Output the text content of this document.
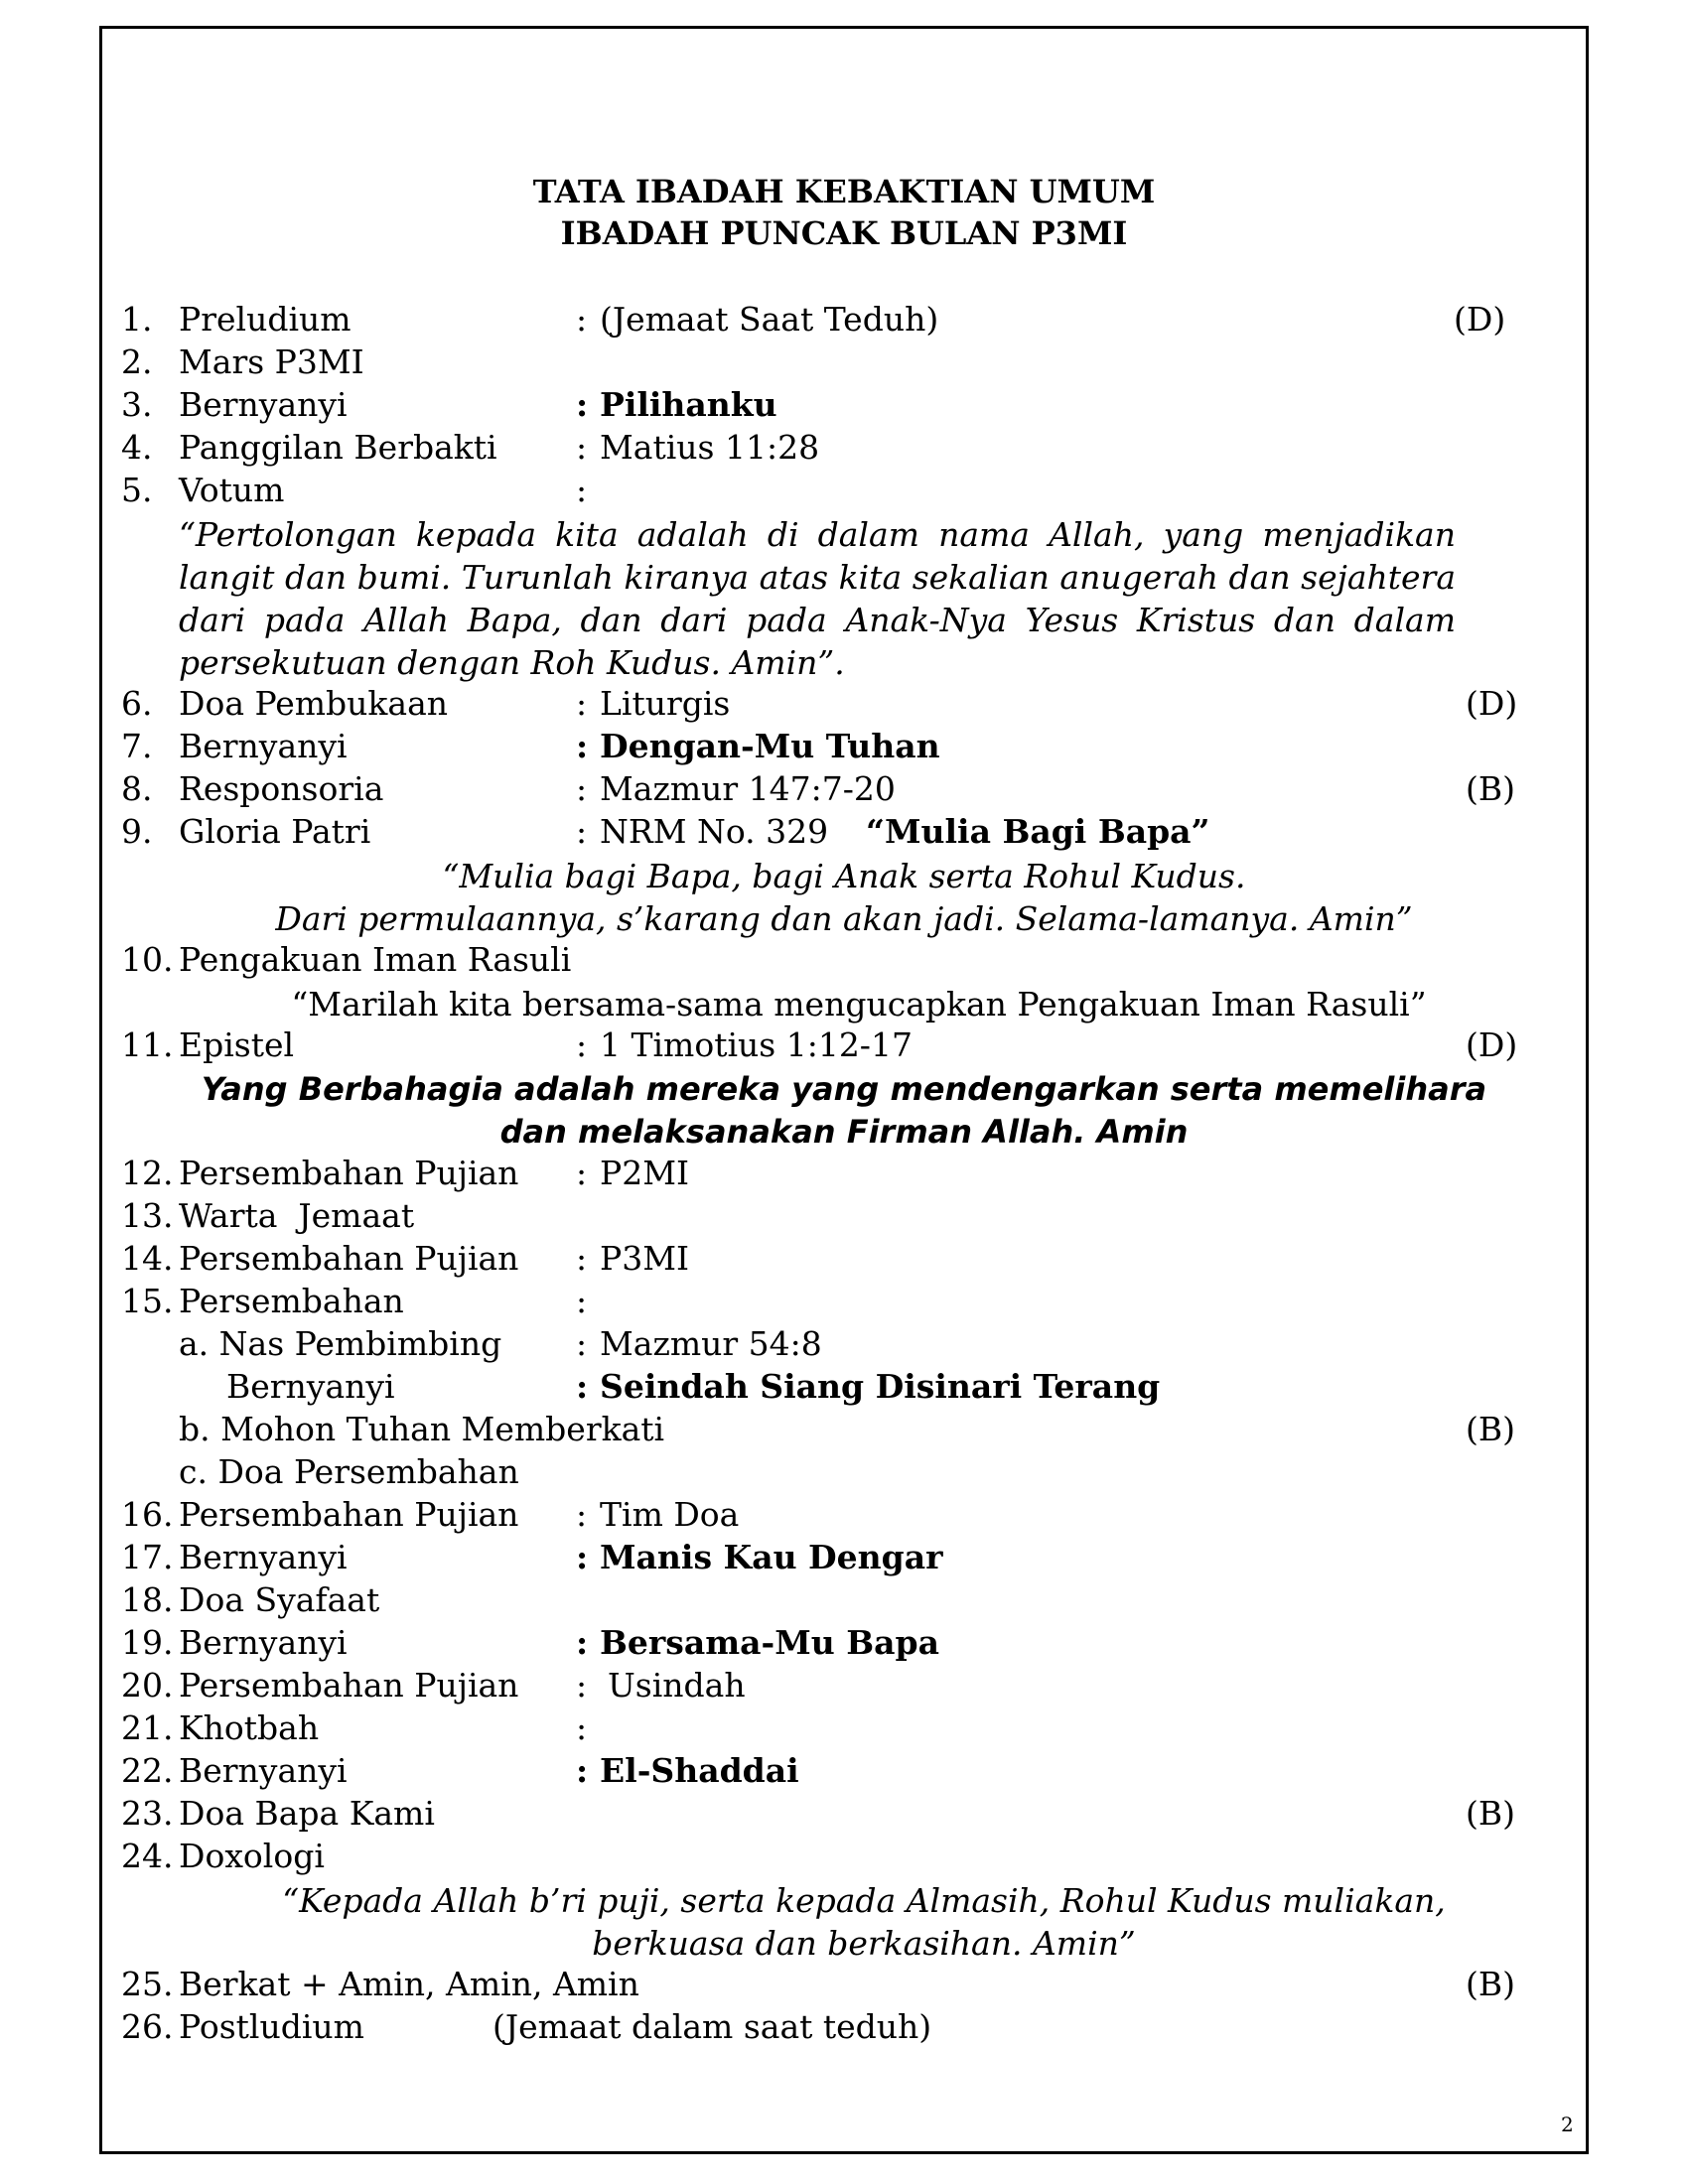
TATA IBADAH KEBAKTIAN UMUM
IBADAH PUNCAK BULAN P3MI
1. Preludium	: (Jemaat Saat Teduh)	(D)
2. Mars P3MI
3. Bernyanyi	: Pilihanku
4. Panggilan Berbakti : Matius 11:28
5. Votum	:
“Pertolongan kepada kita adalah di dalam nama Allah, yang menjadikan langit dan bumi. Turunlah kiranya atas kita sekalian anugerah dan sejahtera dari pada Allah Bapa, dan dari pada Anak-Nya Yesus Kristus dan dalam persekutuan dengan Roh Kudus. Amin”.
6. Doa Pembukaan	: Liturgis	(D)
7. Bernyanyi	: Dengan-Mu Tuhan
8. Responsoria	: Mazmur 147:7-20	(B)
9. Gloria Patri	: NRM No. 329 “Mulia Bagi Bapa”
“Mulia bagi Bapa, bagi Anak serta Rohul Kudus.
Dari permulaannya, s’karang dan akan jadi. Selama-lamanya. Amin”
10. Pengakuan Iman Rasuli
“Marilah kita bersama-sama mengucapkan Pengakuan Iman Rasuli”
11. Epistel	: 1 Timotius 1:12-17	(D)
Yang Berbahagia adalah mereka yang mendengarkan serta memelihara
dan melaksanakan Firman Allah. Amin
12. Persembahan Pujian : P2MI
13. Warta  Jemaat
14. Persembahan Pujian : P3MI
15. Persembahan	:
a. Nas Pembimbing : Mazmur 54:8
Bernyanyi	: Seindah Siang Disinari Terang
b. Mohon Tuhan Memberkati	(B)
c. Doa Persembahan
16. Persembahan Pujian : Tim Doa
17. Bernyanyi	: Manis Kau Dengar
18. Doa Syafaat
19. Bernyanyi	: Bersama-Mu Bapa
20. Persembahan Pujian : Usindah
21. Khotbah	:
22. Bernyanyi	: El-Shaddai
23. Doa Bapa Kami	(B)
24. Doxologi
“Kepada Allah b’ri puji, serta kepada Almasih, Rohul Kudus muliakan,
berkuasa dan berkasihan. Amin”
25. Berkat + Amin, Amin, Amin	(B)
26. Postludium	(Jemaat dalam saat teduh)
2
